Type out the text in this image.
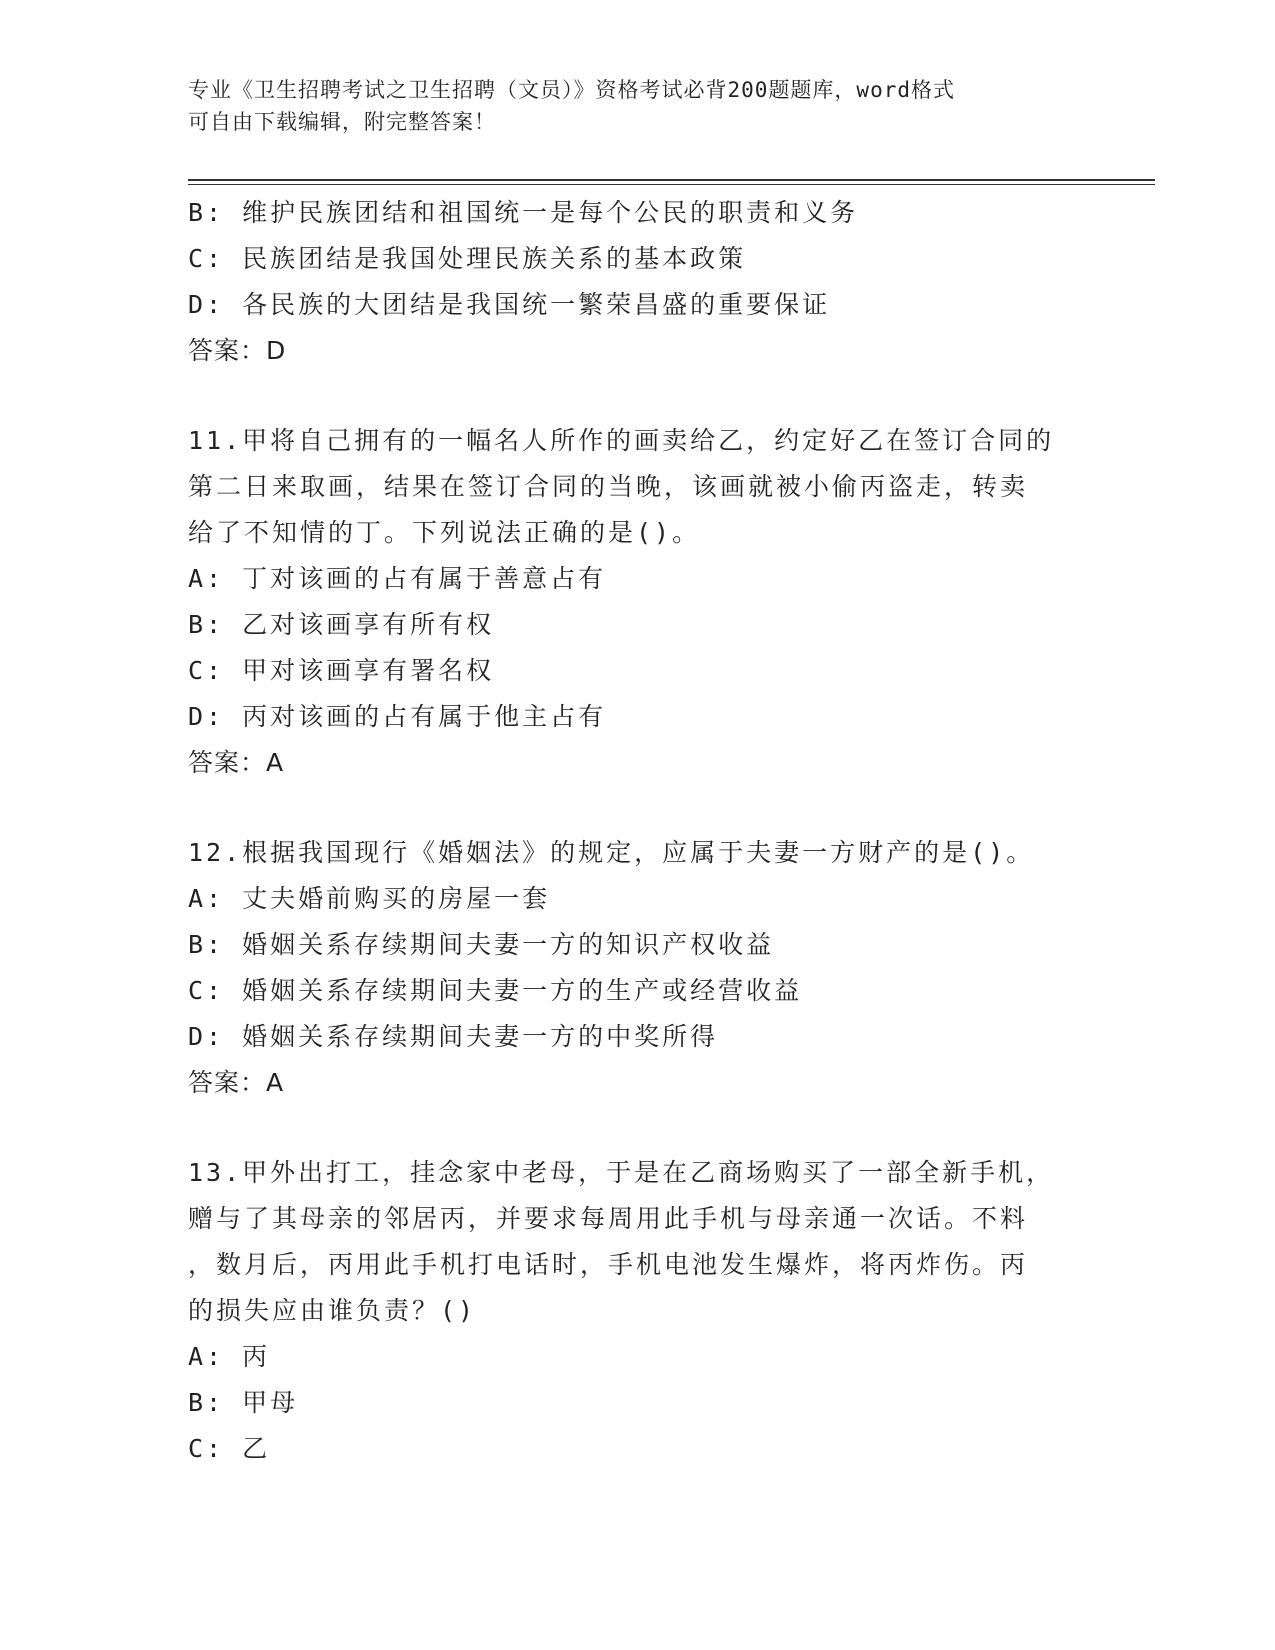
专业《卫生招聘考试之卫生招聘（文员）》资格考试必背200题题库，word格式
可自由下载编辑，附完整答案！
B: 维护民族团结和祖国统一是每个公民的职责和义务
C: 民族团结是我国处理民族关系的基本政策
D: 各民族的大团结是我国统一繁荣昌盛的重要保证
答案：D
11.甲将自己拥有的一幅名人所作的画卖给乙，约定好乙在签订合同的
第二日来取画，结果在签订合同的当晚，该画就被小偷丙盗走，转卖
给了不知情的丁。下列说法正确的是()。
A: 丁对该画的占有属于善意占有
B: 乙对该画享有所有权
C: 甲对该画享有署名权
D: 丙对该画的占有属于他主占有
答案：A
12.根据我国现行《婚姻法》的规定，应属于夫妻一方财产的是()。
A: 丈夫婚前购买的房屋一套
B: 婚姻关系存续期间夫妻一方的知识产权收益
C: 婚姻关系存续期间夫妻一方的生产或经营收益
D: 婚姻关系存续期间夫妻一方的中奖所得
答案：A
13.甲外出打工，挂念家中老母，于是在乙商场购买了一部全新手机，
赠与了其母亲的邻居丙，并要求每周用此手机与母亲通一次话。不料
，数月后，丙用此手机打电话时，手机电池发生爆炸，将丙炸伤。丙
的损失应由谁负责？()
A: 丙
B: 甲母
C: 乙
